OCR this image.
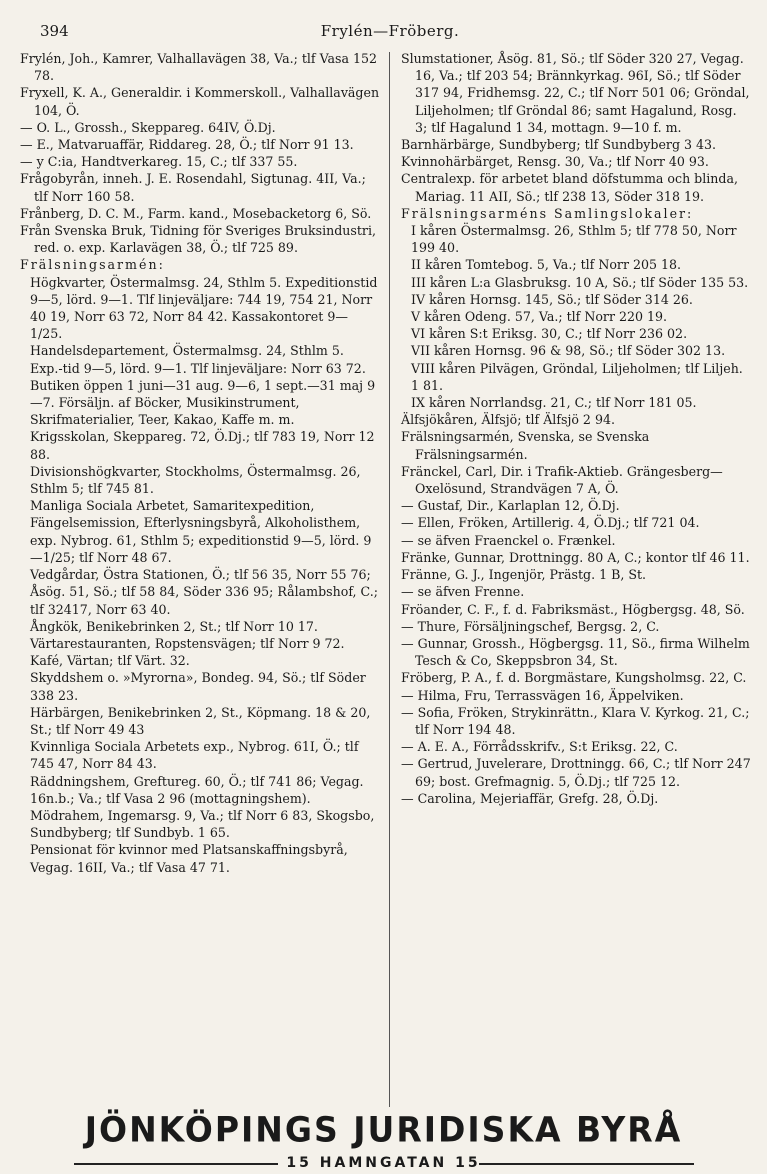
394	Frylén—Fröberg.
Frylén, Joh., Kamrer, Valhallavägen 38, Va.; tlf Vasa 152 78.
Fryxell, K. A., Generaldir. i Kommerskoll., Valhallavägen 104, Ö.
— O. L., Grossh., Skeppareg. 64IV, Ö.Dj.
— E., Matvaruaffär, Riddareg. 28, Ö.; tlf Norr 91 13.
— y C:ia, Handtverkareg. 15, C.; tlf 337 55.
Frågobyrån, inneh. J. E. Rosendahl, Sigtunag. 4II, Va.; tlf Norr 160 58.
Frånberg, D. C. M., Farm. kand., Mosebacketorg 6, Sö.
Från Svenska Bruk, Tidning för Sveriges Bruksindustri, red. o. exp. Karlavägen 38, Ö.; tlf 725 89.
Frälsningsarmén:
Högkvarter, Östermalmsg. 24, Sthlm 5. Expeditionstid 9—5, lörd. 9—1. Tlf linjeväljare: 744 19, 754 21, Norr 40 19, Norr 63 72, Norr 84 42. Kassakontoret 9—1/25.
Handelsdepartement, Östermalmsg. 24, Sthlm 5. Exp.-tid 9—5, lörd. 9—1. Tlf linjeväljare: Norr 63 72. Butiken öppen 1 juni—31 aug. 9—6, 1 sept.—31 maj 9—7. Försäljn. af Böcker, Musikinstrument, Skrifmaterialier, Teer, Kakao, Kaffe m. m.
Krigsskolan, Skeppareg. 72, Ö.Dj.; tlf 783 19, Norr 12 88.
Divisionshögkvarter, Stockholms, Östermalmsg. 26, Sthlm 5; tlf 745 81.
Manliga Sociala Arbetet, Samaritexpedition, Fängelsemission, Efterlysningsbyrå, Alkoholisthem, exp. Nybrog. 61, Sthlm 5; expeditionstid 9—5, lörd. 9—1/25; tlf Norr 48 67.
Vedgårdar, Östra Stationen, Ö.; tlf 56 35, Norr 55 76; Åsög. 51, Sö.; tlf 58 84, Söder 336 95; Rålambshof, C.; tlf 32417, Norr 63 40.
Ångkök, Benikebrinken 2, St.; tlf Norr 10 17.
Värtarestauranten, Ropstensvägen; tlf Norr 9 72. Kafé, Värtan; tlf Värt. 32.
Skyddshem o. »Myrorna», Bondeg. 94, Sö.; tlf Söder 338 23.
Härbärgen, Benikebrinken 2, St., Köpmang. 18 & 20, St.; tlf Norr 49 43
Kvinnliga Sociala Arbetets exp., Nybrog. 61I, Ö.; tlf 745 47, Norr 84 43.
Räddningshem, Greftureg. 60, Ö.; tlf 741 86; Vegag. 16n.b.; Va.; tlf Vasa 2 96 (mottagningshem).
Mödrahem, Ingemarsg. 9, Va.; tlf Norr 6 83, Skogsbo, Sundbyberg; tlf Sundbyb. 1 65.
Pensionat för kvinnor med Platsanskaffningsbyrå, Vegag. 16II, Va.; tlf Vasa 47 71.
Slumstationer, Åsög. 81, Sö.; tlf Söder 320 27, Vegag. 16, Va.; tlf 203 54; Brännkyrkag. 96I, Sö.; tlf Söder 317 94, Fridhemsg. 22, C.; tlf Norr 501 06; Gröndal, Liljeholmen; tlf Gröndal 86; samt Hagalund, Rosg. 3; tlf Hagalund 1 34, mottagn. 9—10 f. m.
Barnhärbärge, Sundbyberg; tlf Sundbyberg 3 43.
Kvinnohärbärget, Rensg. 30, Va.; tlf Norr 40 93.
Centralexp. för arbetet bland döfstumma och blinda, Mariag. 11 AII, Sö.; tlf 238 13, Söder 318 19.
Frälsningsarméns Samlingslokaler:
I kåren Östermalmsg. 26, Sthlm 5; tlf 778 50, Norr 199 40.
II kåren Tomtebog. 5, Va.; tlf Norr 205 18.
III kåren L:a Glasbruksg. 10 A, Sö.; tlf Söder 135 53.
IV kåren Hornsg. 145, Sö.; tlf Söder 314 26.
V kåren Odeng. 57, Va.; tlf Norr 220 19.
VI kåren S:t Eriksg. 30, C.; tlf Norr 236 02.
VII kåren Hornsg. 96 & 98, Sö.; tlf Söder 302 13.
VIII kåren Pilvägen, Gröndal, Liljeholmen; tlf Liljeh. 1 81.
IX kåren Norrlandsg. 21, C.; tlf Norr 181 05.
Älfsjökåren, Älfsjö; tlf Älfsjö 2 94.
Frälsningsarmén, Svenska, se Svenska Frälsningsarmén.
Fränckel, Carl, Dir. i Trafik-Aktieb. Grängesberg—Oxelösund, Strandvägen 7 A, Ö.
— Gustaf, Dir., Karlaplan 12, Ö.Dj.
— Ellen, Fröken, Artillerig. 4, Ö.Dj.; tlf 721 04.
— se äfven Fraenckel o. Frænkel.
Fränke, Gunnar, Drottningg. 80 A, C.; kontor tlf 46 11.
Fränne, G. J., Ingenjör, Prästg. 1 B, St.
— se äfven Frenne.
Fröander, C. F., f. d. Fabriksmäst., Högbergsg. 48, Sö.
— Thure, Försäljningschef, Bergsg. 2, C.
— Gunnar, Grossh., Högbergsg. 11, Sö., firma Wilhelm Tesch & Co, Skeppsbron 34, St.
Fröberg, P. A., f. d. Borgmästare, Kungsholmsg. 22, C.
— Hilma, Fru, Terrassvägen 16, Äppelviken.
— Sofia, Fröken, Strykinrättn., Klara V. Kyrkog. 21, C.; tlf Norr 194 48.
— A. E. A., Förrådsskrifv., S:t Eriksg. 22, C.
— Gertrud, Juvelerare, Drottningg. 66, C.; tlf Norr 247 69; bost. Grefmagnig. 5, Ö.Dj.; tlf 725 12.
— Carolina, Mejeriaffär, Grefg. 28, Ö.Dj.
JÖNKÖPINGS JURIDISKA BYRÅ
15 HAMNGATAN 15
